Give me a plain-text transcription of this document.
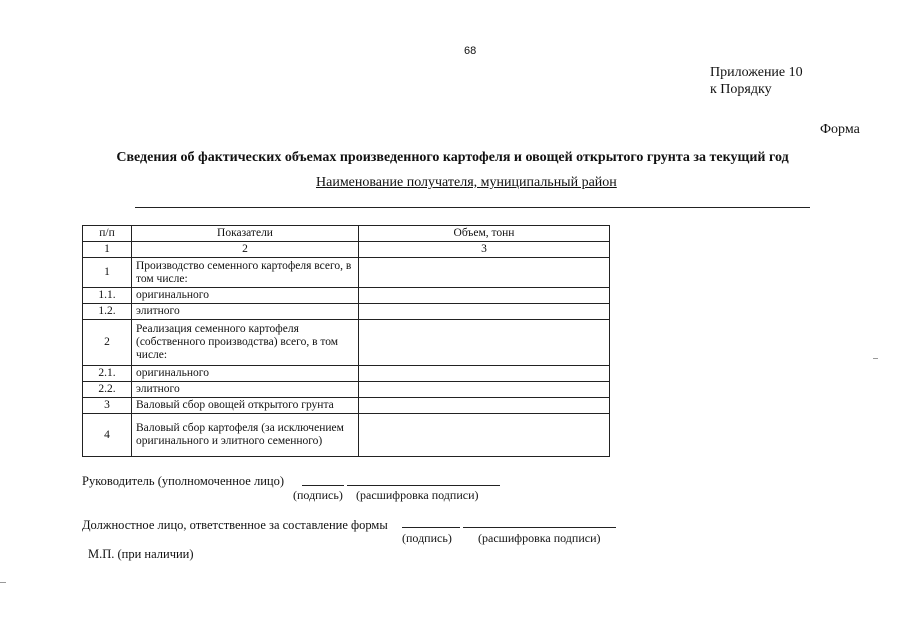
68
Приложение 10
к Порядку
Форма
Сведения об фактических объемах произведенного картофеля и овощей открытого грунта за текущий год
Наименование получателя, муниципальный район
п/п	Показатели	Объем, тонн
1	2	3
1	Производство семенного картофеля всего, в том числе:	
1.1.	оригинального	
1.2.	элитного	
2	Реализация семенного картофеля (собственного производства) всего, в том числе:	
2.1.	оригинального	
2.2.	элитного	
3	Валовый сбор овощей открытого грунта	
4	Валовый сбор картофеля (за исключением оригинального и элитного семенного)	
Руководитель (уполномоченное лицо)
(подпись) (расшифровка подписи)
Должностное лицо, ответственное за составление формы
(подпись) (расшифровка подписи)
М.П. (при наличии)
